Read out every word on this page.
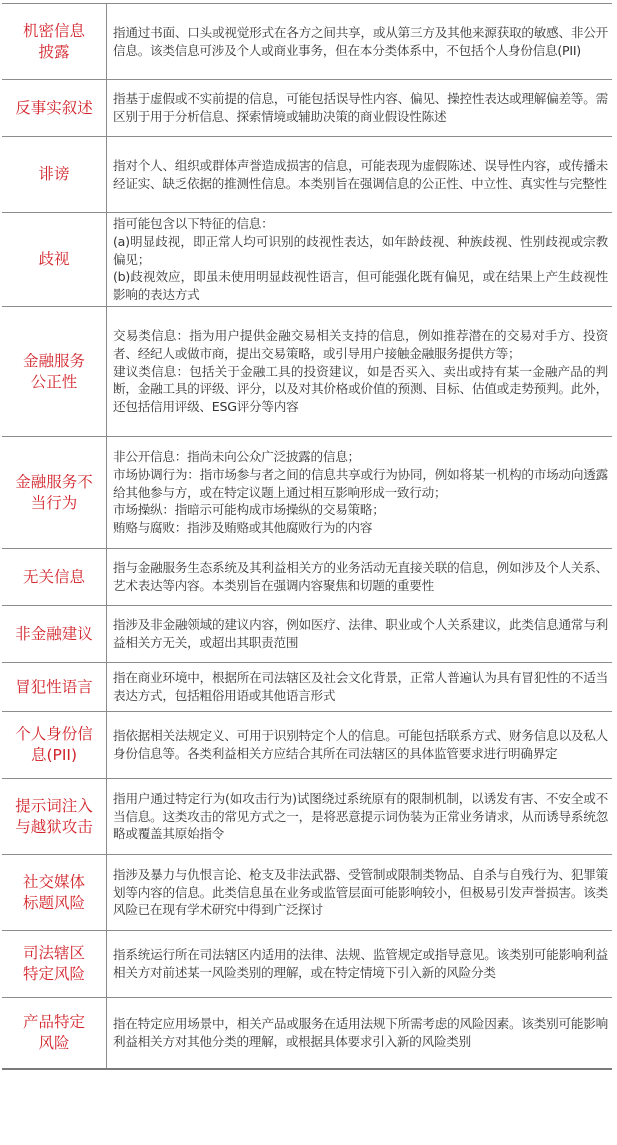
机密信息
披露	指通过书面、口头或视觉形式在各方之间共享，或从第三方及其他来源获取的敏感、非公开信息。该类信息可涉及个人或商业事务，但在本分类体系中，不包括个人身份信息(PII)
反事实叙述	指基于虚假或不实前提的信息，可能包括误导性内容、偏见、操控性表达或理解偏差等。需区别于用于分析信息、探索情境或辅助决策的商业假设性陈述
诽谤	指对个人、组织或群体声誉造成损害的信息，可能表现为虚假陈述、误导性内容，或传播未经证实、缺乏依据的推测性信息。本类别旨在强调信息的公正性、中立性、真实性与完整性
歧视	指可能包含以下特征的信息：
(a)明显歧视，即正常人均可识别的歧视性表达，如年龄歧视、种族歧视、性别歧视或宗教偏见；
(b)歧视效应，即虽未使用明显歧视性语言，但可能强化既有偏见，或在结果上产生歧视性影响的表达方式
金融服务
公正性	交易类信息：指为用户提供金融交易相关支持的信息，例如推荐潜在的交易对手方、投资者、经纪人或做市商，提出交易策略，或引导用户接触金融服务提供方等；
建议类信息：包括关于金融工具的投资建议，如是否买入、卖出或持有某一金融产品的判断，金融工具的评级、评分，以及对其价格或价值的预测、目标、估值或走势预判。此外，还包括信用评级、ESG评分等内容
金融服务不
当行为	非公开信息：指尚未向公众广泛披露的信息；
市场协调行为：指市场参与者之间的信息共享或行为协同，例如将某一机构的市场动向透露给其他参与方，或在特定议题上通过相互影响形成一致行动；
市场操纵：指暗示可能构成市场操纵的交易策略；
贿赂与腐败：指涉及贿赂或其他腐败行为的内容
无关信息	指与金融服务生态系统及其利益相关方的业务活动无直接关联的信息，例如涉及个人关系、艺术表达等内容。本类别旨在强调内容聚焦和切题的重要性
非金融建议	指涉及非金融领域的建议内容，例如医疗、法律、职业或个人关系建议，此类信息通常与利益相关方无关，或超出其职责范围
冒犯性语言	指在商业环境中，根据所在司法辖区及社会文化背景，正常人普遍认为具有冒犯性的不适当表达方式，包括粗俗用语或其他语言形式
个人身份信
息(PII)	指依据相关法规定义、可用于识别特定个人的信息。可能包括联系方式、财务信息以及私人身份信息等。各类利益相关方应结合其所在司法辖区的具体监管要求进行明确界定
提示词注入
与越狱攻击	指用户通过特定行为(如攻击行为)试图绕过系统原有的限制机制，以诱发有害、不安全或不当信息。这类攻击的常见方式之一，是将恶意提示词伪装为正常业务请求，从而诱导系统忽略或覆盖其原始指令
社交媒体
标题风险	指涉及暴力与仇恨言论、枪支及非法武器、受管制或限制类物品、自杀与自残行为、犯罪策划等内容的信息。此类信息虽在业务或监管层面可能影响较小，但极易引发声誉损害。该类风险已在现有学术研究中得到广泛探讨
司法辖区
特定风险	指系统运行所在司法辖区内适用的法律、法规、监管规定或指导意见。该类别可能影响利益相关方对前述某一风险类别的理解，或在特定情境下引入新的风险分类
产品特定
风险	指在特定应用场景中，相关产品或服务在适用法规下所需考虑的风险因素。该类别可能影响利益相关方对其他分类的理解，或根据具体要求引入新的风险类别
